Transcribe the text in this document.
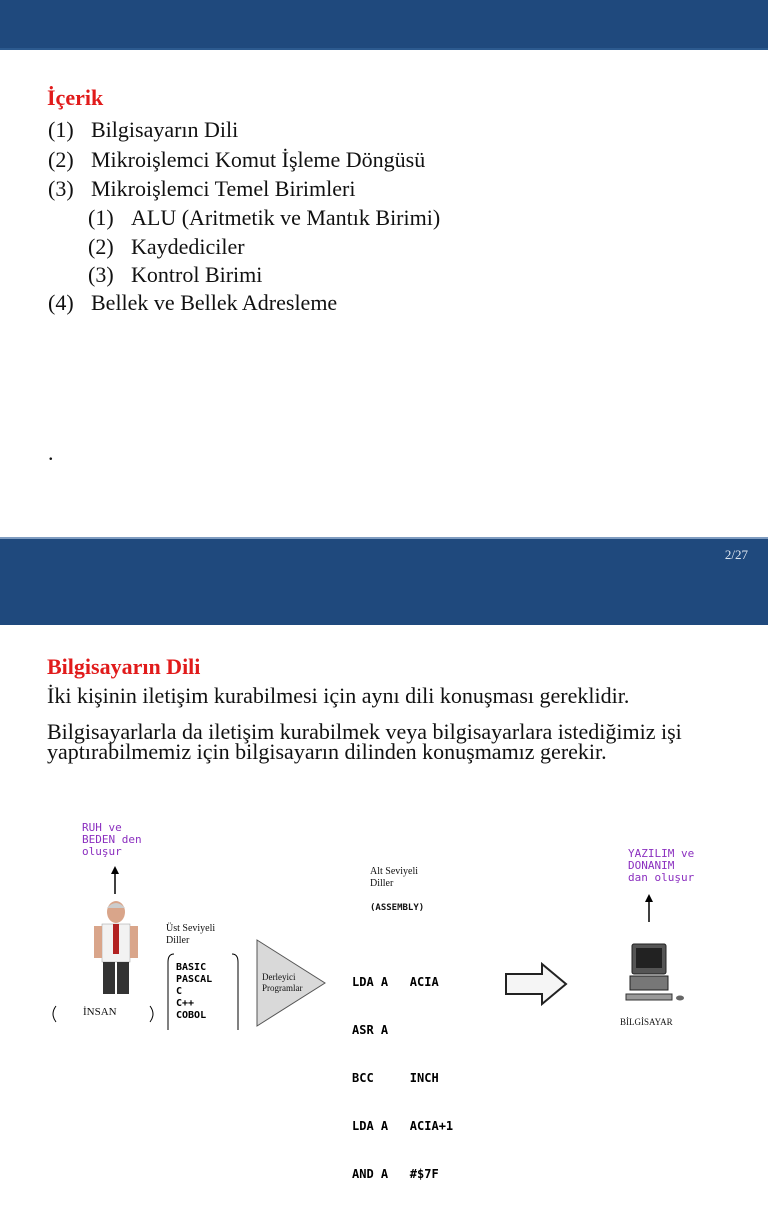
İçerik
(1) Bilgisayarın Dili
(2) Mikroişlemci Komut İşleme Döngüsü
(3) Mikroişlemci Temel Birimleri
(1) ALU (Aritmetik ve Mantık Birimi)
(2) Kaydediciler
(3) Kontrol Birimi
(4) Bellek ve Bellek Adresleme
.
2/27
Bilgisayarın Dili
İki kişinin iletişim kurabilmesi için aynı dili konuşması gereklidir.
Bilgisayarlarla da iletişim kurabilmek veya bilgisayarlara istediğimiz işi yaptırabilmemiz için bilgisayarın dilinden konuşmamız gerekir.
RUH ve
BEDEN den
oluşur
İNSAN
Üst Seviyeli
Diller
BASIC
PASCAL
C
C++
COBOL
Derleyici
Programlar
Alt Seviyeli
Diller
(ASSEMBLY)

LDA A   ACIA

ASR A

BCC     INCH

LDA A   ACIA+1

AND A   #$7F

YAZILIM ve
DONANIM
dan oluşur
BİLGİSAYAR
